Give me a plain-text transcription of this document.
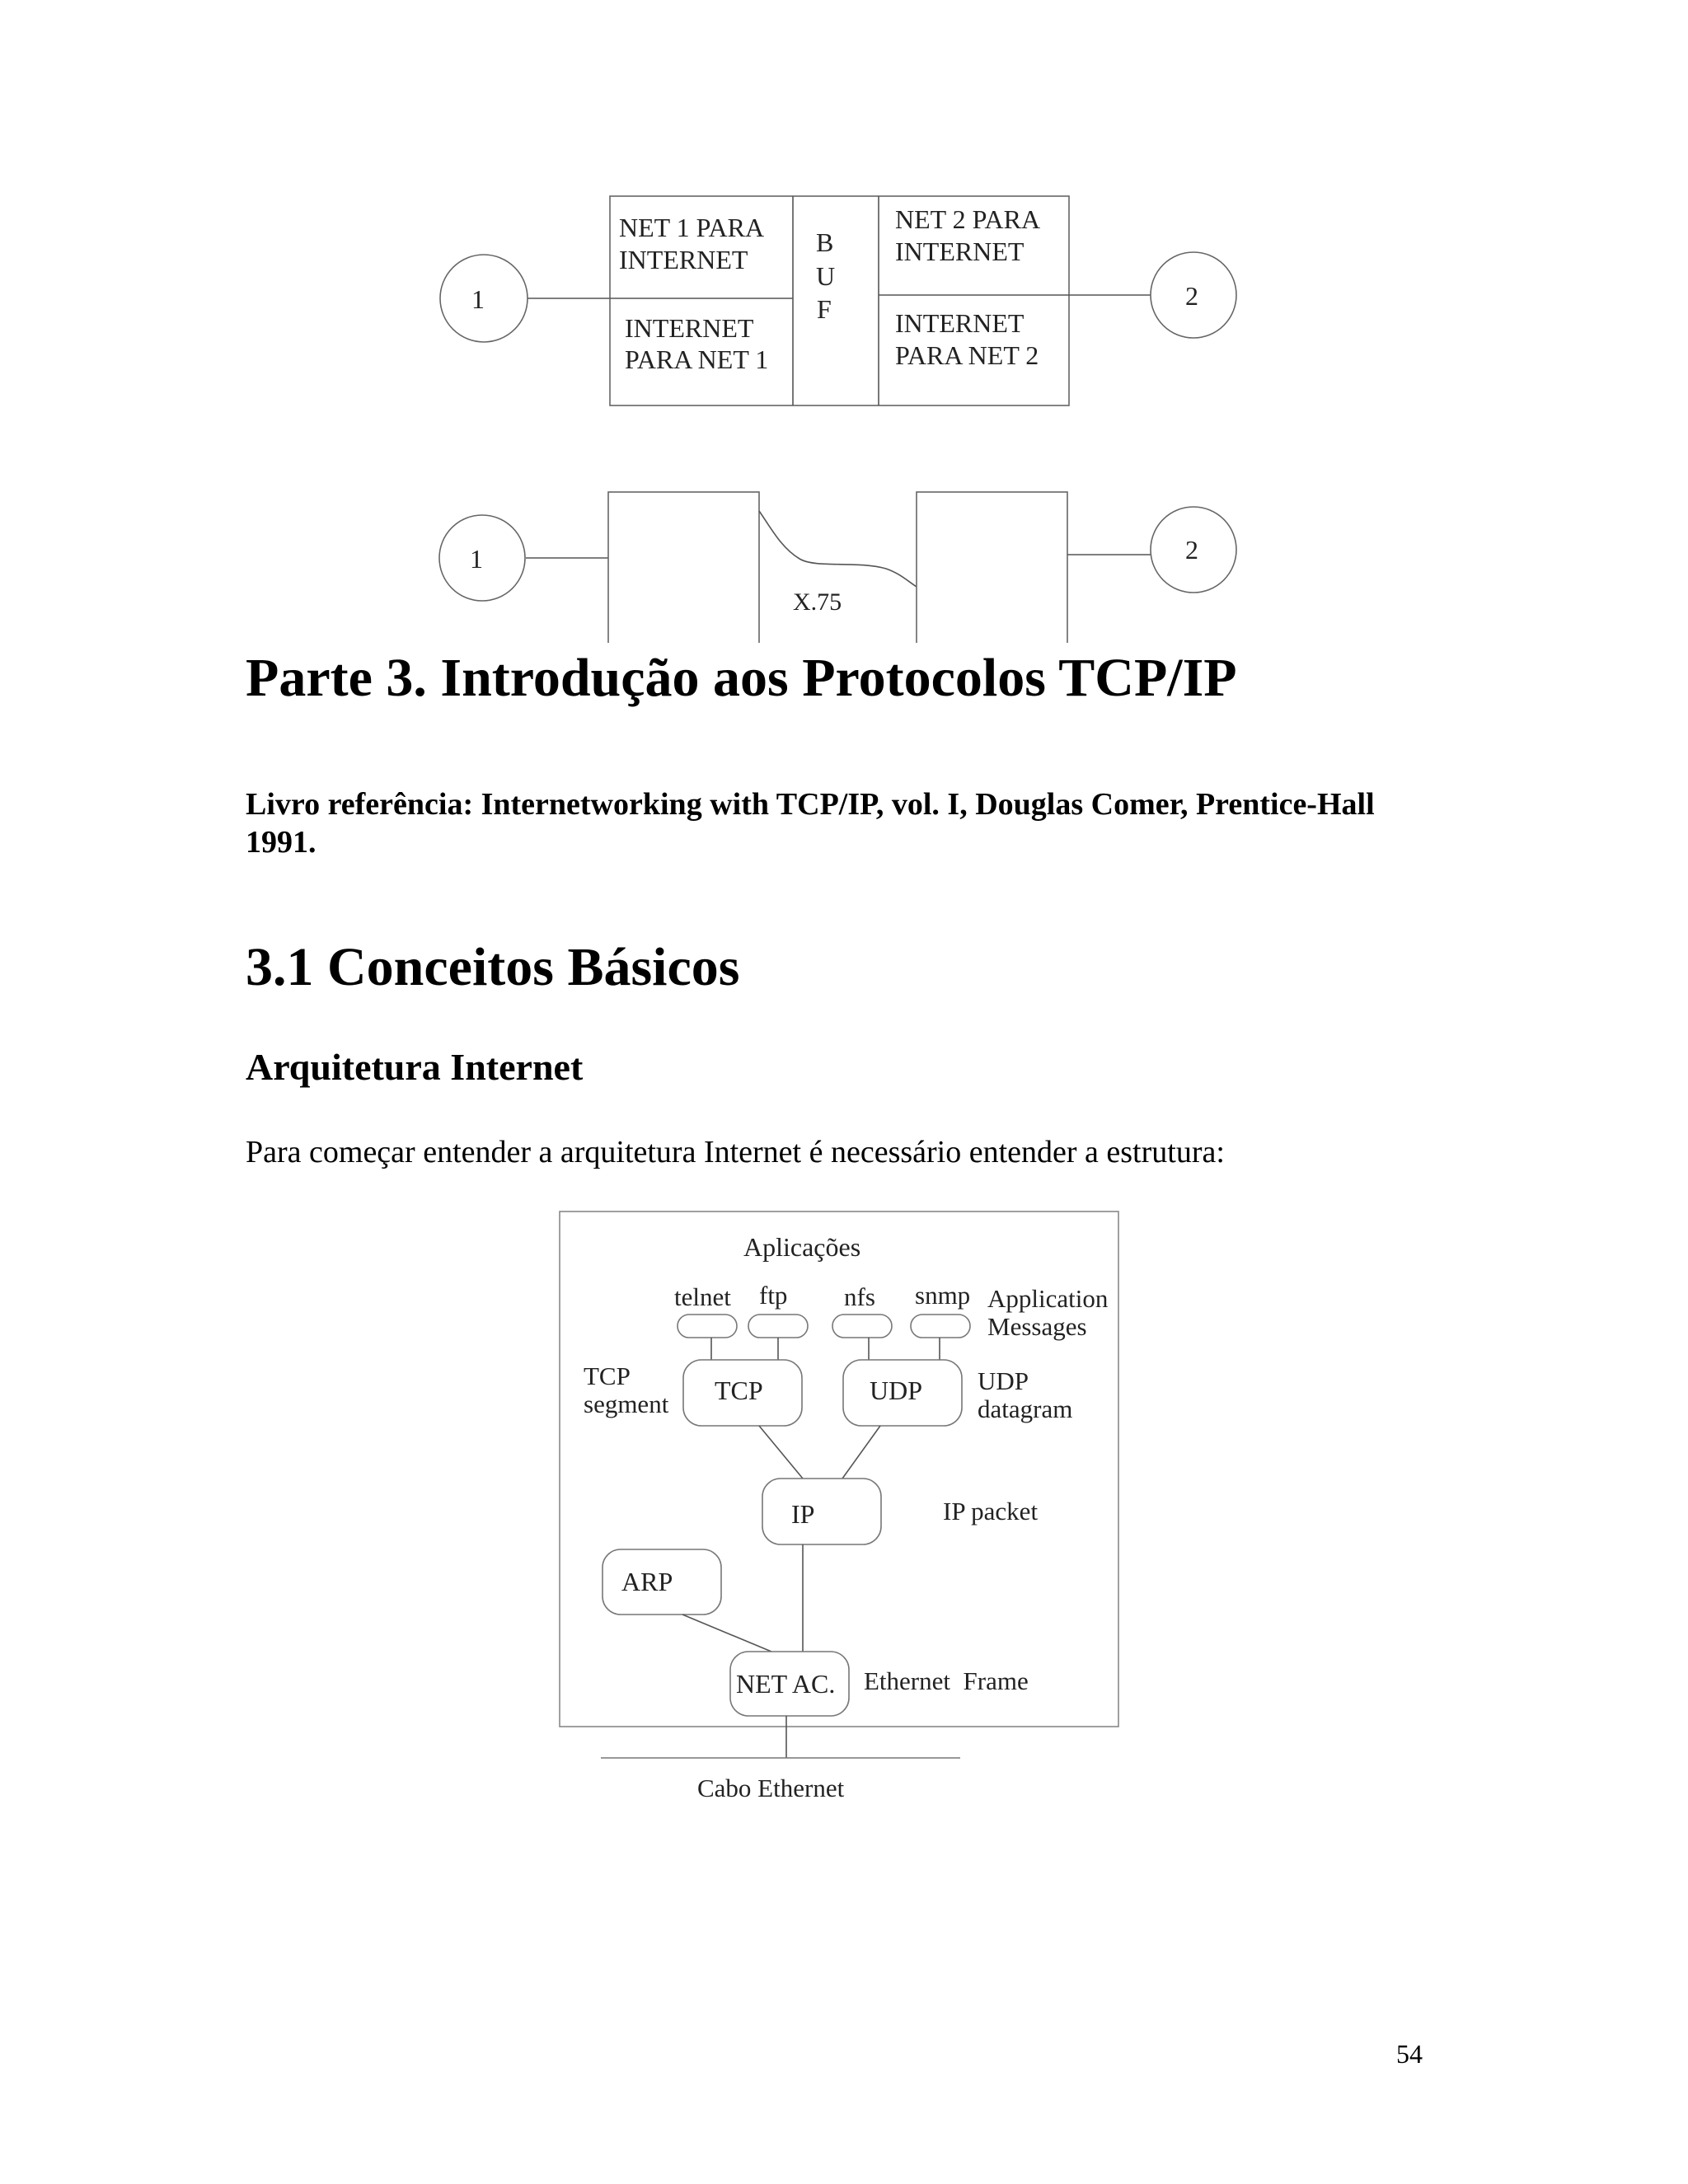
1
NET 1 PARA
INTERNET
INTERNET
PARA NET 1
B
U
F
NET 2 PARA
INTERNET
INTERNET
PARA NET 2
2
1
X.75
2
Parte 3. Introdução aos Protocolos TCP/IP
Livro referência: Internetworking with TCP/IP, vol. I, Douglas Comer, Prentice-Hall 1991.
3.1 Conceitos Básicos
Arquitetura Internet
Para começar entender a arquitetura Internet é necessário entender a estrutura:
Aplicações
telnet ftp nfs snmp Application
Messages
TCP
segment TCP	UDP UDP
datagram
IP	IP packet
ARP
NET AC. Ethernet  Frame
Cabo Ethernet
54
